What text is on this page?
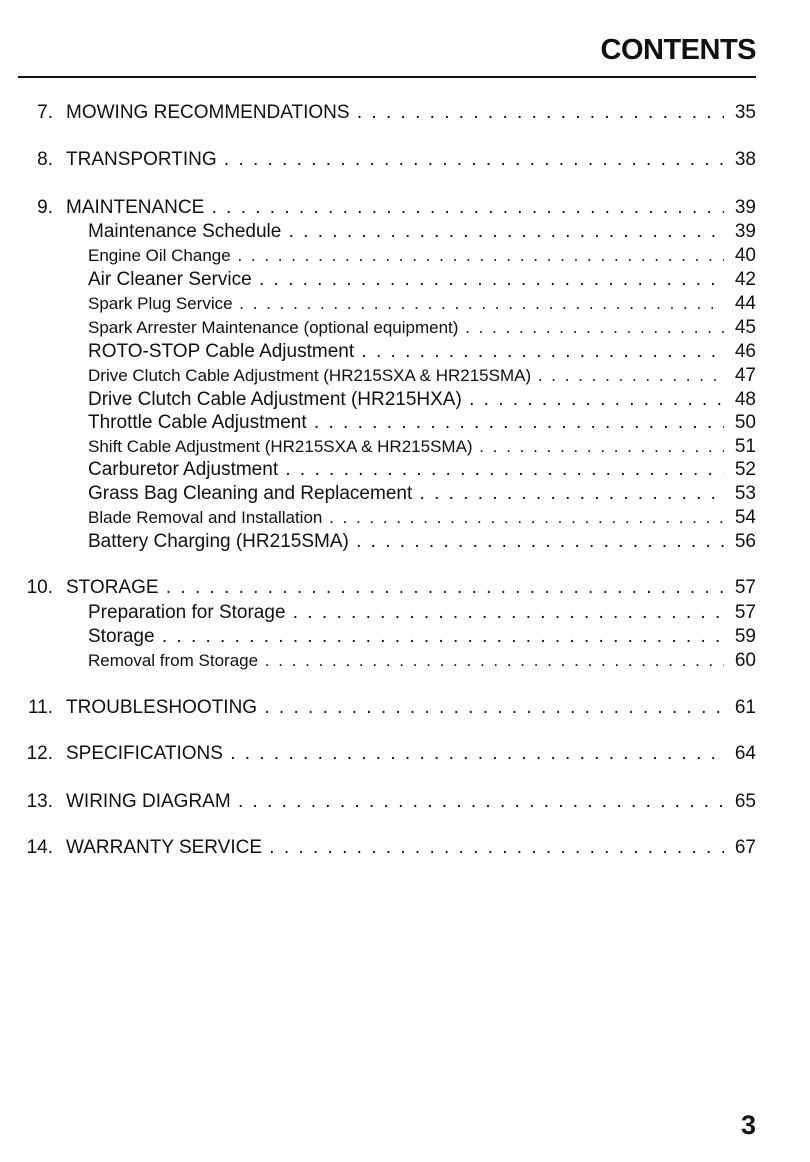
CONTENTS
7. MOWING RECOMMENDATIONS . . .	35
8. TRANSPORTING . . .	38
9. MAINTENANCE . . .	39
Maintenance Schedule . . .	39
Engine Oil Change . . .	40
Air Cleaner Service . . .	42
Spark Plug Service . . .	44
Spark Arrester Maintenance (optional equipment) . . .	45
ROTO-STOP Cable Adjustment . . .	46
Drive Clutch Cable Adjustment (HR215SXA & HR215SMA) . . .	47
Drive Clutch Cable Adjustment (HR215HXA) . . .	48
Throttle Cable Adjustment . . .	50
Shift Cable Adjustment (HR215SXA & HR215SMA) . . .	51
Carburetor Adjustment . . .	52
Grass Bag Cleaning and Replacement . . .	53
Blade Removal and Installation . . .	54
Battery Charging (HR215SMA) . . .	56
10. STORAGE . . .	57
Preparation for Storage . . .	57
Storage . . .	59
Removal from Storage . . .	60
11. TROUBLESHOOTING . . .	61
12. SPECIFICATIONS . . .	64
13. WIRING DIAGRAM . . .	65
14. WARRANTY SERVICE . . .	67
3
